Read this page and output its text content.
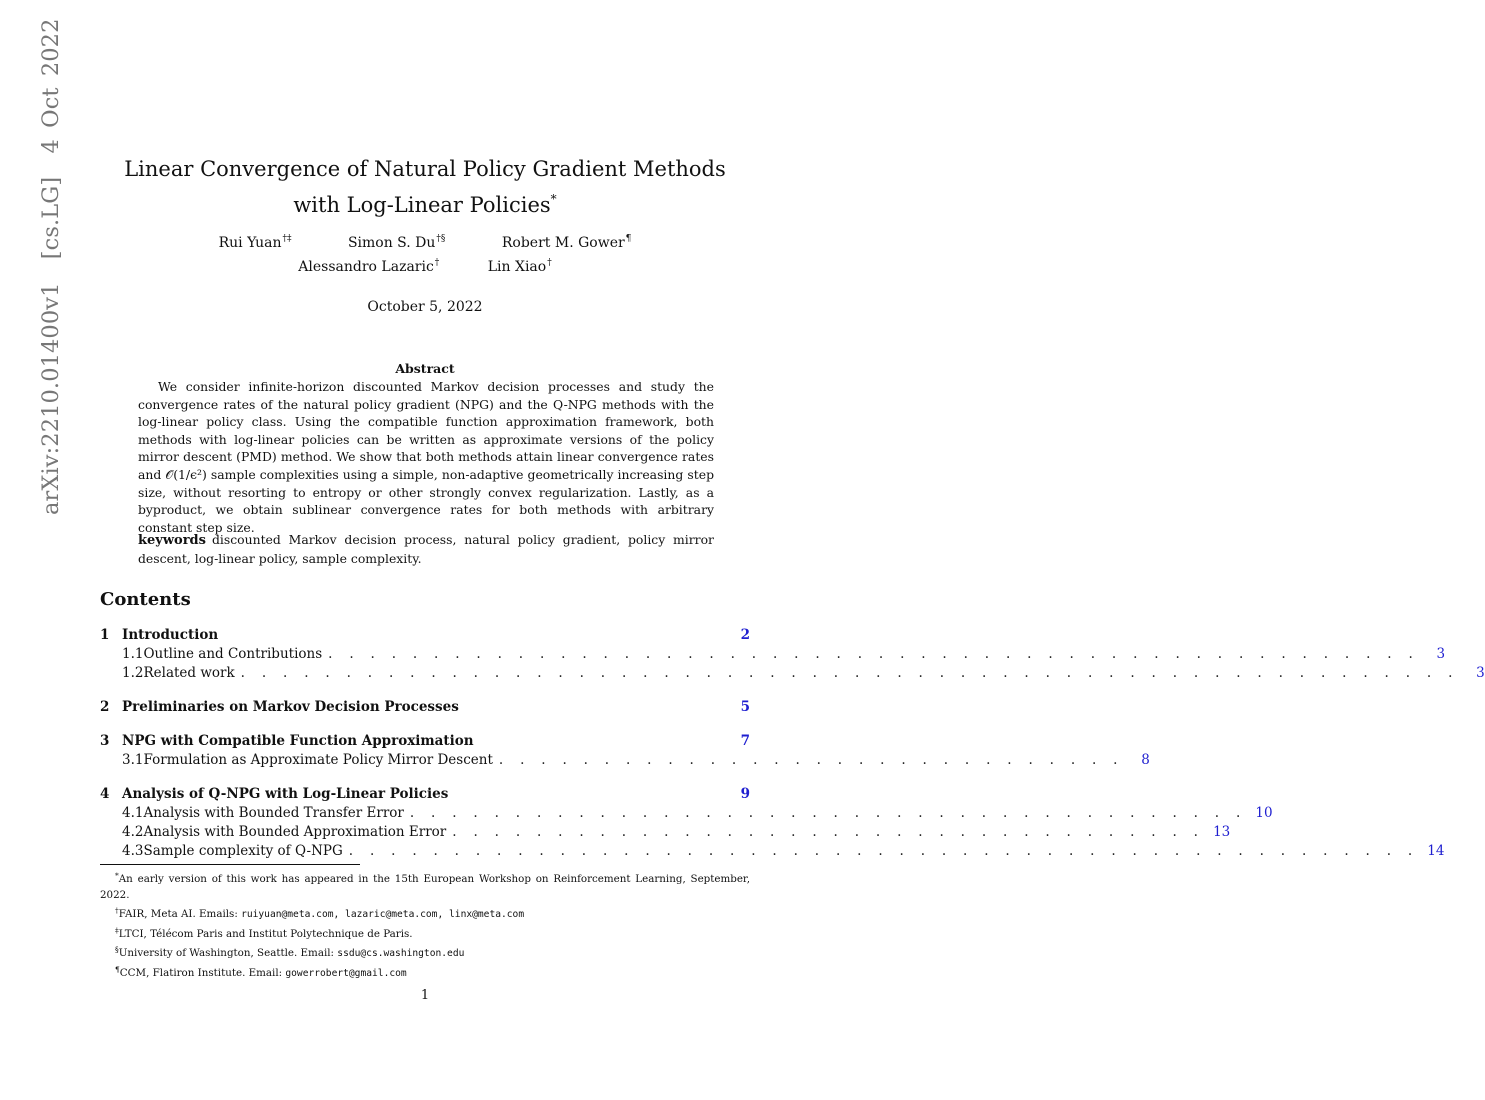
arXiv:2210.01400v1 [cs.LG] 4 Oct 2022
Linear Convergence of Natural Policy Gradient Methods
with Log-Linear Policies*
Rui Yuan†‡	Simon S. Du†§	Robert M. Gower¶
Alessandro Lazaric†	Lin Xiao†
October 5, 2022
Abstract
We consider infinite-horizon discounted Markov decision processes and study the convergence rates of the natural policy gradient (NPG) and the Q-NPG methods with the log-linear policy class. Using the compatible function approximation framework, both methods with log-linear policies can be written as approximate versions of the policy mirror descent (PMD) method. We show that both methods attain linear convergence rates and 𝒪(1/ϵ²) sample complexities using a simple, non-adaptive geometrically increasing step size, without resorting to entropy or other strongly convex regularization. Lastly, as a byproduct, we obtain sublinear convergence rates for both methods with arbitrary constant step size.
keywords discounted Markov decision process, natural policy gradient, policy mirror descent, log-linear policy, sample complexity.
Contents
1 Introduction	2
1.1 Outline and Contributions . . . . . . . . . . . . . . . . . . . . . . . . . . . . . . . . . . . . . . . . . . . . . . . . . . . .	3
1.2 Related work . . . . . . . . . . . . . . . . . . . . . . . . . . . . . . . . . . . . . . . . . . . . . . . . . . . . . . . . . .	3
2 Preliminaries on Markov Decision Processes	5
3 NPG with Compatible Function Approximation	7
3.1 Formulation as Approximate Policy Mirror Descent . . . . . . . . . . . . . . . . . . . . . . . . . . . . . .	8
4 Analysis of Q-NPG with Log-Linear Policies	9
4.1 Analysis with Bounded Transfer Error . . . . . . . . . . . . . . . . . . . . . . . . . . . . . . . . . . . . . . . . 10
4.2 Analysis with Bounded Approximation Error . . . . . . . . . . . . . . . . . . . . . . . . . . . . . . . . . . . . 13
4.3 Sample complexity of Q-NPG . . . . . . . . . . . . . . . . . . . . . . . . . . . . . . . . . . . . . . . . . . . . . . . . . . . 14
*An early version of this work has appeared in the 15th European Workshop on Reinforcement Learning, September, 2022.
†FAIR, Meta AI. Emails: ruiyuan@meta.com, lazaric@meta.com, linx@meta.com
‡LTCI, Télécom Paris and Institut Polytechnique de Paris.
§University of Washington, Seattle. Email: ssdu@cs.washington.edu
¶CCM, Flatiron Institute. Email: gowerrobert@gmail.com
1
